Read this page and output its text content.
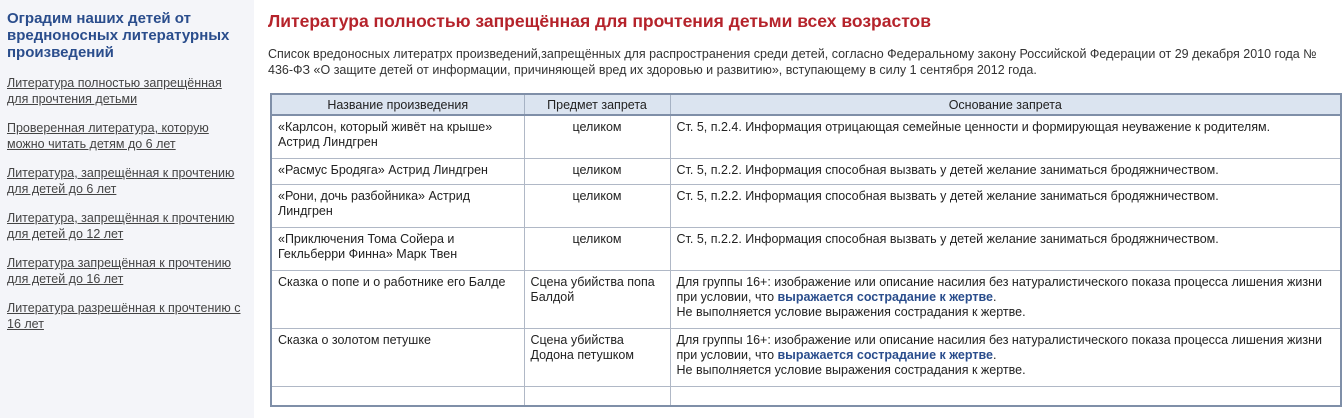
Оградим наших детей от вредноносных литературных произведений
Литература полностью запрещённая для прочтения детьми
Проверенная литература, которую можно читать детям до 6 лет
Литература, запрещённая к прочтению для детей до 6 лет
Литература, запрещённая к прочтению для детей до 12 лет
Литература запрещённая к прочтению для детей до 16 лет
Литература разрешённая к прочтению с 16 лет
Литература полностью запрещённая для прочтения детьми всех возрастов

Список вредоносных литератрх произведений,запрещённых для распространения среди детей, согласно Федеральному закону Российской Федерации от 29 декабря 2010 года № 436-ФЗ «О защите детей от информации, причиняющей вред их здоровью и развитию», вступающему в силу 1 сентября 2012 года.

Название произведения	Предмет запрета	Основание запрета
«Карлсон, который живёт на крыше» Астрид Линдгрен	целиком	Ст. 5, п.2.4. Информация отрицающая семейные ценности и формирующая неуважение к родителям.
«Расмус Бродяга» Астрид Линдгрен	целиком	Ст. 5, п.2.2. Информация способная вызвать у детей желание заниматься бродяжничеством.
«Рони, дочь разбойника» Астрид Линдгрен	целиком	Ст. 5, п.2.2. Информация способная вызвать у детей желание заниматься бродяжничеством.
«Приключения Тома Сойера и Гекльберри Финна» Марк Твен	целиком	Ст. 5, п.2.2. Информация способная вызвать у детей желание заниматься бродяжничеством.
Сказка о попе и о работнике его Балде	Сцена убийства попа Балдой	Для группы 16+: изображение или описание насилия без натуралистического показа процесса лишения жизни при условии, что выражается сострадание к жертве.
Не выполняется условие выражения сострадания к жертве.
Сказка о золотом петушке	Сцена убийства Додона петушком	Для группы 16+: изображение или описание насилия без натуралистического показа процесса лишения жизни при условии, что выражается сострадание к жертве.
Не выполняется условие выражения сострадания к жертве.
